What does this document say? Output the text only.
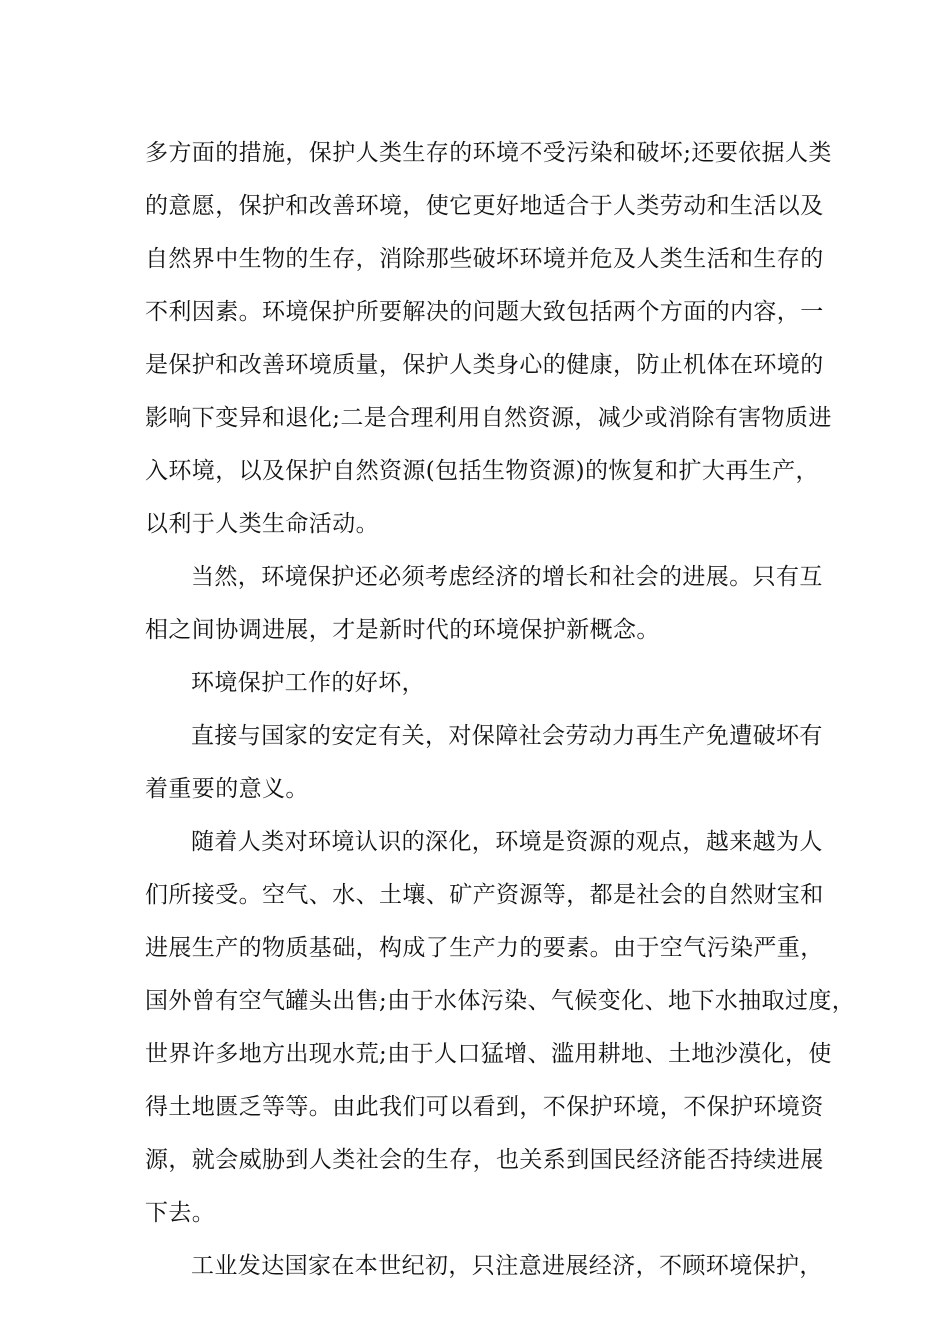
多方面的措施，保护人类生存的环境不受污染和破坏;还要依据人类
的意愿，保护和改善环境，使它更好地适合于人类劳动和生活以及
自然界中生物的生存，消除那些破坏环境并危及人类生活和生存的
不利因素。环境保护所要解决的问题大致包括两个方面的内容，一
是保护和改善环境质量，保护人类身心的健康，防止机体在环境的
影响下变异和退化;二是合理利用自然资源，减少或消除有害物质进
入环境，以及保护自然资源(包括生物资源)的恢复和扩大再生产，
以利于人类生命活动。
当然，环境保护还必须考虑经济的增长和社会的进展。只有互
相之间协调进展，才是新时代的环境保护新概念。
环境保护工作的好坏，
直接与国家的安定有关，对保障社会劳动力再生产免遭破坏有
着重要的意义。
随着人类对环境认识的深化，环境是资源的观点，越来越为人
们所接受。空气、水、土壤、矿产资源等，都是社会的自然财宝和
进展生产的物质基础，构成了生产力的要素。由于空气污染严重，
国外曾有空气罐头出售;由于水体污染、气候变化、地下水抽取过度，
世界许多地方出现水荒;由于人口猛增、滥用耕地、土地沙漠化，使
得土地匮乏等等。由此我们可以看到，不保护环境，不保护环境资
源，就会威胁到人类社会的生存，也关系到国民经济能否持续进展
下去。
工业发达国家在本世纪初，只注意进展经济，不顾环境保护，
